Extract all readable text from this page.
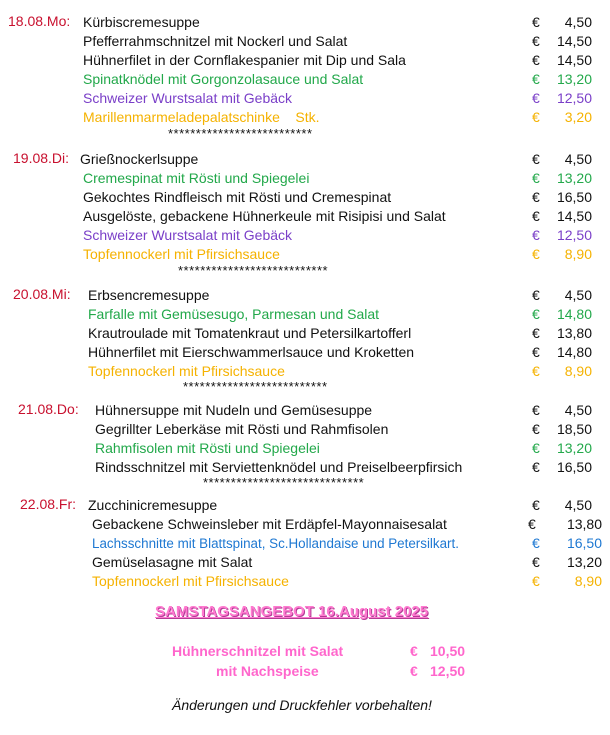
18.08.Mo: Kürbiscremesuppe	€	4,50
Pfefferrahmschnitzel mit Nockerl und Salat	€	14,50
Hühnerfilet in der Cornflakespanier mit Dip und Sala	€	14,50
Spinatknödel mit Gorgonzolasauce und Salat	€	13,20
Schweizer Wurstsalat mit Gebäck	€	12,50
Marillenmarmeladepalatschinke    Stk.	€	3,20
**************************
19.08.Di: Grießnockerlsuppe	€	4,50
Cremespinat mit Rösti und Spiegelei	€	13,20
Gekochtes Rindfleisch mit Rösti und Cremespinat	€	16,50
Ausgelöste, gebackene Hühnerkeule mit Risipisi und Salat	€	14,50
Schweizer Wurstsalat mit Gebäck	€	12,50
Topfennockerl mit Pfirsichsauce	€	8,90
***************************
20.08.Mi: Erbsencremesuppe	€	4,50
Farfalle mit Gemüsesugo, Parmesan und Salat	€	14,80
Krautroulade mit Tomatenkraut und Petersilkartofferl	€	13,80
Hühnerfilet mit Eierschwammerlsauce und Kroketten	€	14,80
Topfennockerl mit Pfirsichsauce	€	8,90
**************************
21.08.Do: Hühnersuppe mit Nudeln und Gemüsesuppe	€	4,50
Gegrillter Leberkäse mit Rösti und Rahmfisolen	€	18,50
Rahmfisolen mit Rösti und Spiegelei	€	13,20
Rindsschnitzel mit Serviettenknödel und Preiselbeerpfirsich	€	16,50
*****************************
22.08.Fr: Zucchinicremesuppe	€	4,50
Gebackene Schweinsleber mit Erdäpfel-Mayonnaisesalat	€	13,80
Lachsschnitte mit Blattspinat, Sc.Hollandaise und Petersilkart.	€	16,50
Gemüselasagne mit Salat	€	13,20
Topfennockerl mit Pfirsichsauce	€	8,90
SAMSTAGSANGEBOT 16.August 2025
Hühnerschnitzel mit Salat	€ 10,50
mit Nachspeise	€ 12,50
Änderungen und Druckfehler vorbehalten!
